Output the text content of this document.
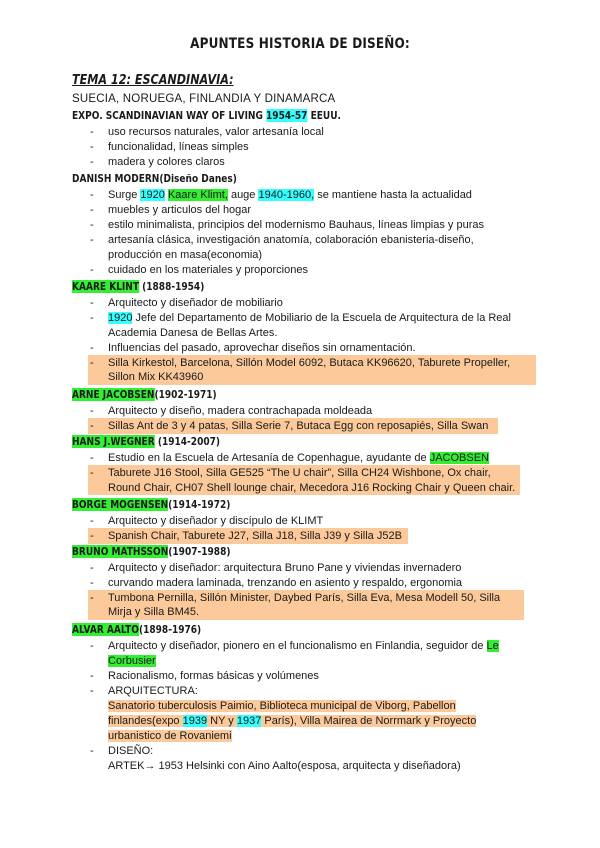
APUNTES HISTORIA DE DISEÑO:
TEMA 12: ESCANDINAVIA:
SUECIA, NORUEGA, FINLANDIA Y DINAMARCA
EXPO. SCANDINAVIAN WAY OF LIVING 1954-57 EEUU.
- uso recursos naturales, valor artesanía local
- funcionalidad, líneas simples
- madera y colores claros
DANISH MODERN(Diseño Danes)
- Surge 1920 Kaare Klimt, auge 1940-1960, se mantiene hasta la actualidad
- muebles y articulos del hogar
- estilo minimalista, principios del modernismo Bauhaus, líneas limpias y puras
- artesanía clásica, investigación anatomía, colaboración ebanisteria-diseño,
producción en masa(economia)
- cuidado en los materiales y proporciones
KAARE KLINT (1888-1954)
- Arquitecto y diseñador de mobiliario
- 1920 Jefe del Departamento de Mobiliario de la Escuela de Arquitectura de la Real
Academia Danesa de Bellas Artes.
- Influencias del pasado, aprovechar diseños sin ornamentación.
- Silla Kirkestol, Barcelona, Sillón Model 6092, Butaca KK96620, Taburete Propeller,
Sillon Mix KK43960
ARNE JACOBSEN(1902-1971)
- Arquitecto y diseño, madera contrachapada moldeada
- Sillas Ant de 3 y 4 patas, Silla Serie 7, Butaca Egg con reposapiés, Silla Swan
HANS J.WEGNER (1914-2007)
- Estudio en la Escuela de Artesanía de Copenhague, ayudante de JACOBSEN
- Taburete J16 Stool, Silla GE525 “The U chair”, Silla CH24 Wishbone, Ox chair,
Round Chair, CH07 Shell lounge chair, Mecedora J16 Rocking Chair y Queen chair.
BORGE MOGENSEN(1914-1972)
- Arquitecto y diseñador y discípulo de KLIMT
- Spanish Chair, Taburete J27, Silla J18, Silla J39 y Silla J52B
BRUNO MATHSSON(1907-1988)
- Arquitecto y diseñador: arquitectura Bruno Pane y viviendas invernadero
- curvando madera laminada, trenzando en asiento y respaldo, ergonomia
- Tumbona Pernilla, Sillón Minister, Daybed París, Silla Eva, Mesa Modell 50, Silla
Mirja y Silla BM45.
ALVAR AALTO(1898-1976)
- Arquitecto y diseñador, pionero en el funcionalismo en Finlandia, seguidor de Le
Corbusier
- Racionalismo, formas básicas y volúmenes
- ARQUITECTURA:
Sanatorio tuberculosis Paimio, Biblioteca municipal de Viborg, Pabellon
finlandes(expo 1939 NY y 1937 París), Villa Mairea de Norrmark y Proyecto
urbanistico de Rovaniemi
- DISEÑO:
ARTEK→ 1953 Helsinki con Aino Aalto(esposa, arquitecta y diseñadora)
